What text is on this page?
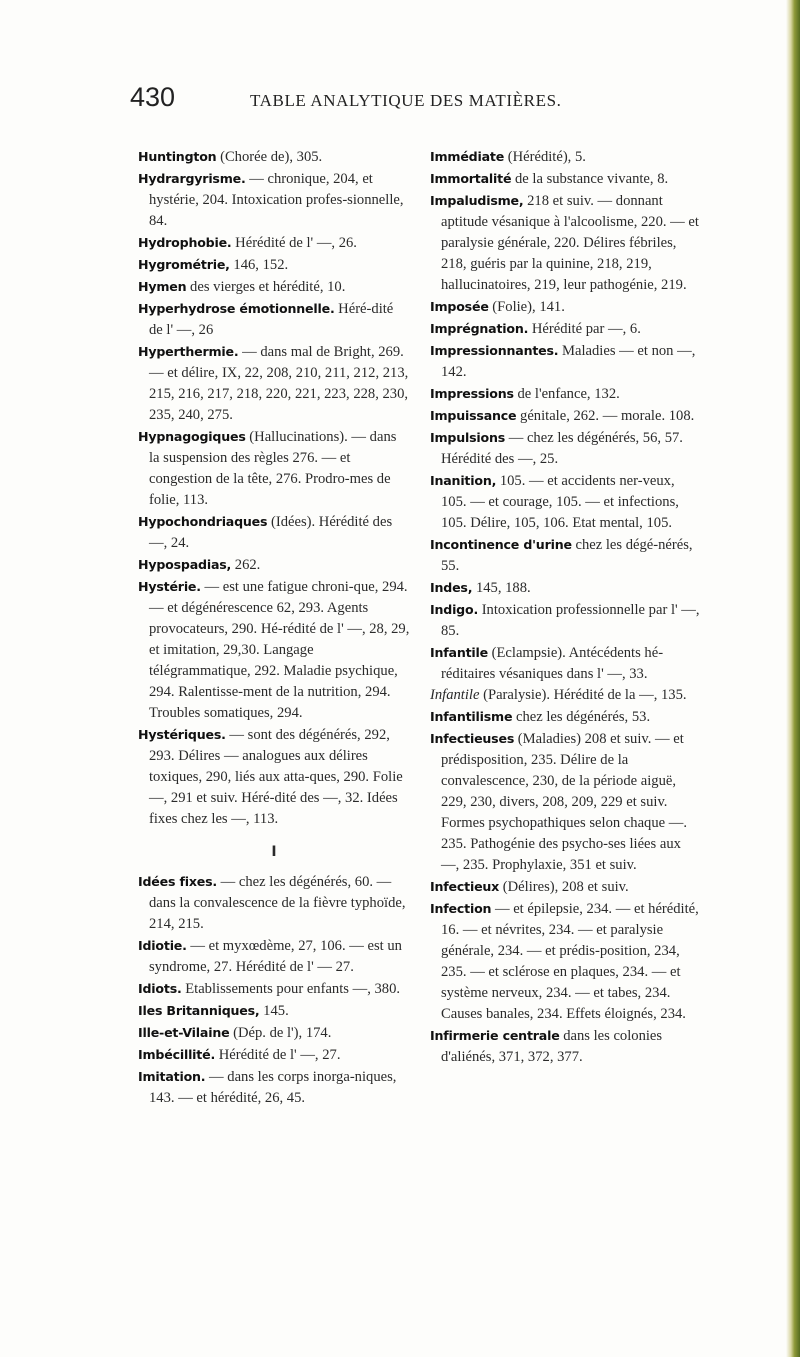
430	TABLE ANALYTIQUE DES MATIÈRES.

Huntington (Chorée de), 305.

Hydrargyrisme. — chronique, 204, et hystérie, 204. Intoxication profes-sionnelle, 84.

Hydrophobie. Hérédité de l' —, 26.

Hygrométrie, 146, 152.

Hymen des vierges et hérédité, 10.

Hyperhydrose émotionnelle. Héré-dité de l' —, 26

Hyperthermie. — dans mal de Bright, 269. — et délire, IX, 22, 208, 210, 211, 212, 213, 215, 216, 217, 218, 220, 221, 223, 228, 230, 235, 240, 275.

Hypnagogiques (Hallucinations). — dans la suspension des règles 276. — et congestion de la tête, 276. Prodro-mes de folie, 113.

Hypochondriaques (Idées). Hérédité des —, 24.

Hypospadias, 262.

Hystérie. — est une fatigue chroni-que, 294. — et dégénérescence 62, 293. Agents provocateurs, 290. Hé-rédité de l' —, 28, 29, et imitation, 29,30. Langage télégrammatique, 292. Maladie psychique, 294. Ralentisse-ment de la nutrition, 294. Troubles somatiques, 294.

Hystériques. — sont des dégénérés, 292, 293. Délires — analogues aux délires toxiques, 290, liés aux atta-ques, 290. Folie —, 291 et suiv. Héré-dité des —, 32. Idées fixes chez les —, 113.

I

Idées fixes. — chez les dégénérés, 60. — dans la convalescence de la fièvre typhoïde, 214, 215.

Idiotie. — et myxœdème, 27, 106. — est un syndrome, 27. Hérédité de l' — 27.

Idiots. Etablissements pour enfants —, 380.

Iles Britanniques, 145.

Ille-et-Vilaine (Dép. de l'), 174.

Imbécillité. Hérédité de l' —, 27.

Imitation. — dans les corps inorga-niques, 143. — et hérédité, 26, 45.

Immédiate (Hérédité), 5.

Immortalité de la substance vivante, 8.

Impaludisme, 218 et suiv. — donnant aptitude vésanique à l'alcoolisme, 220. — et paralysie générale, 220. Délires fébriles, 218, guéris par la quinine, 218, 219, hallucinatoires, 219, leur pathogénie, 219.

Imposée (Folie), 141.

Imprégnation. Hérédité par —, 6.

Impressionnantes. Maladies — et non —, 142.

Impressions de l'enfance, 132.

Impuissance génitale, 262. — morale. 108.

Impulsions — chez les dégénérés, 56, 57. Hérédité des —, 25.

Inanition, 105. — et accidents ner-veux, 105. — et courage, 105. — et infections, 105. Délire, 105, 106. Etat mental, 105.

Incontinence d'urine chez les dégé-nérés, 55.

Indes, 145, 188.

Indigo. Intoxication professionnelle par l' —, 85.

Infantile (Eclampsie). Antécédents hé-réditaires vésaniques dans l' —, 33.

Infantile (Paralysie). Hérédité de la —, 135.

Infantilisme chez les dégénérés, 53.

Infectieuses (Maladies) 208 et suiv. — et prédisposition, 235. Délire de la convalescence, 230, de la période aiguë, 229, 230, divers, 208, 209, 229 et suiv. Formes psychopathiques selon chaque —. 235. Pathogénie des psycho-ses liées aux —, 235. Prophylaxie, 351 et suiv.

Infectieux (Délires), 208 et suiv.

Infection — et épilepsie, 234. — et hérédité, 16. — et névrites, 234. — et paralysie générale, 234. — et prédis-position, 234, 235. — et sclérose en plaques, 234. — et système nerveux, 234. — et tabes, 234. Causes banales, 234. Effets éloignés, 234.

Infirmerie centrale dans les colonies d'aliénés, 371, 372, 377.
